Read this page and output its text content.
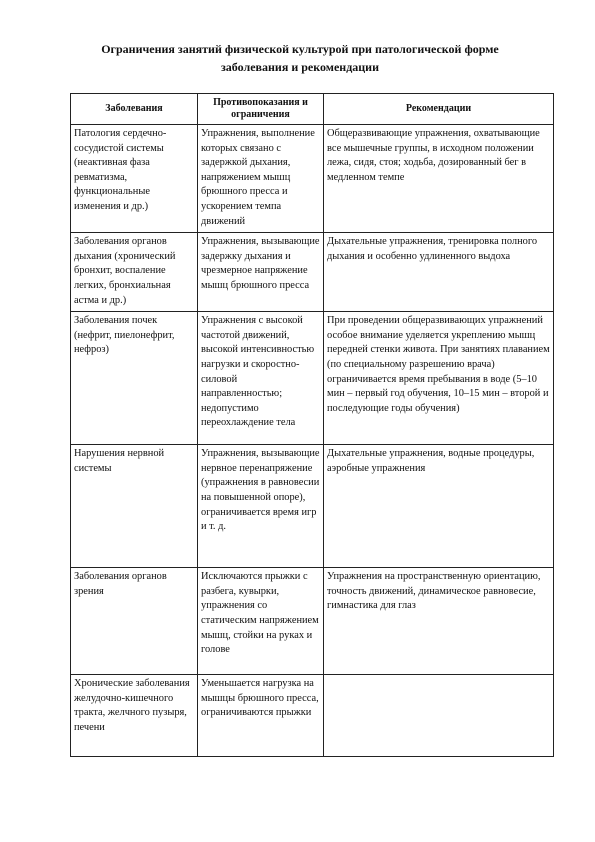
Ограничения занятий физической культурой при патологической форме
заболевания и рекомендации
Заболевания	Противопоказания и ограничения	Рекомендации
Патология сердечно-сосудистой системы (неактивная фаза ревматизма, функциональные изменения и др.)	Упражнения, выполнение которых связано с задержкой дыхания, напряжением мышц брюшного пресса и ускорением темпа движений	Общеразвивающие упражнения, охватывающие все мышечные группы, в исходном положении лежа, сидя, стоя; ходьба, дозированный бег в медленном темпе
Заболевания органов дыхания (хронический бронхит, воспаление легких, бронхиальная астма и др.)	Упражнения, вызывающие задержку дыхания и чрезмерное напряжение мышц брюшного пресса	Дыхательные упражнения, тренировка полного дыхания и особенно удлиненного выдоха
Заболевания почек (нефрит, пиелонефрит, нефроз)	Упражнения с высокой частотой движений, высокой интенсивностью нагрузки и скоростно-силовой направленностью; недопустимо переохлаждение тела	При проведении общеразвивающих упражнений особое внимание уделяется укреплению мышц передней стенки живота. При занятиях плаванием (по специальному разрешению врача) ограничивается время пребывания в воде (5–10 мин – первый год обучения, 10–15 мин – второй и последующие годы обучения)
Нарушения нервной системы	Упражнения, вызывающие нервное перенапряжение (упражнения в равновесии на повышенной опоре), ограничивается время игр и т. д.	Дыхательные упражнения, водные процедуры, аэробные упражнения
Заболевания органов зрения	Исключаются прыжки с разбега, кувырки, упражнения со статическим напряжением мышц, стойки на руках и голове	Упражнения на пространственную ориентацию, точность движений, динамическое равновесие, гимнастика для глаз
Хронические заболевания желудочно-кишечного тракта, желчного пузыря, печени	Уменьшается нагрузка на мышцы брюшного пресса, ограничиваются прыжки	
